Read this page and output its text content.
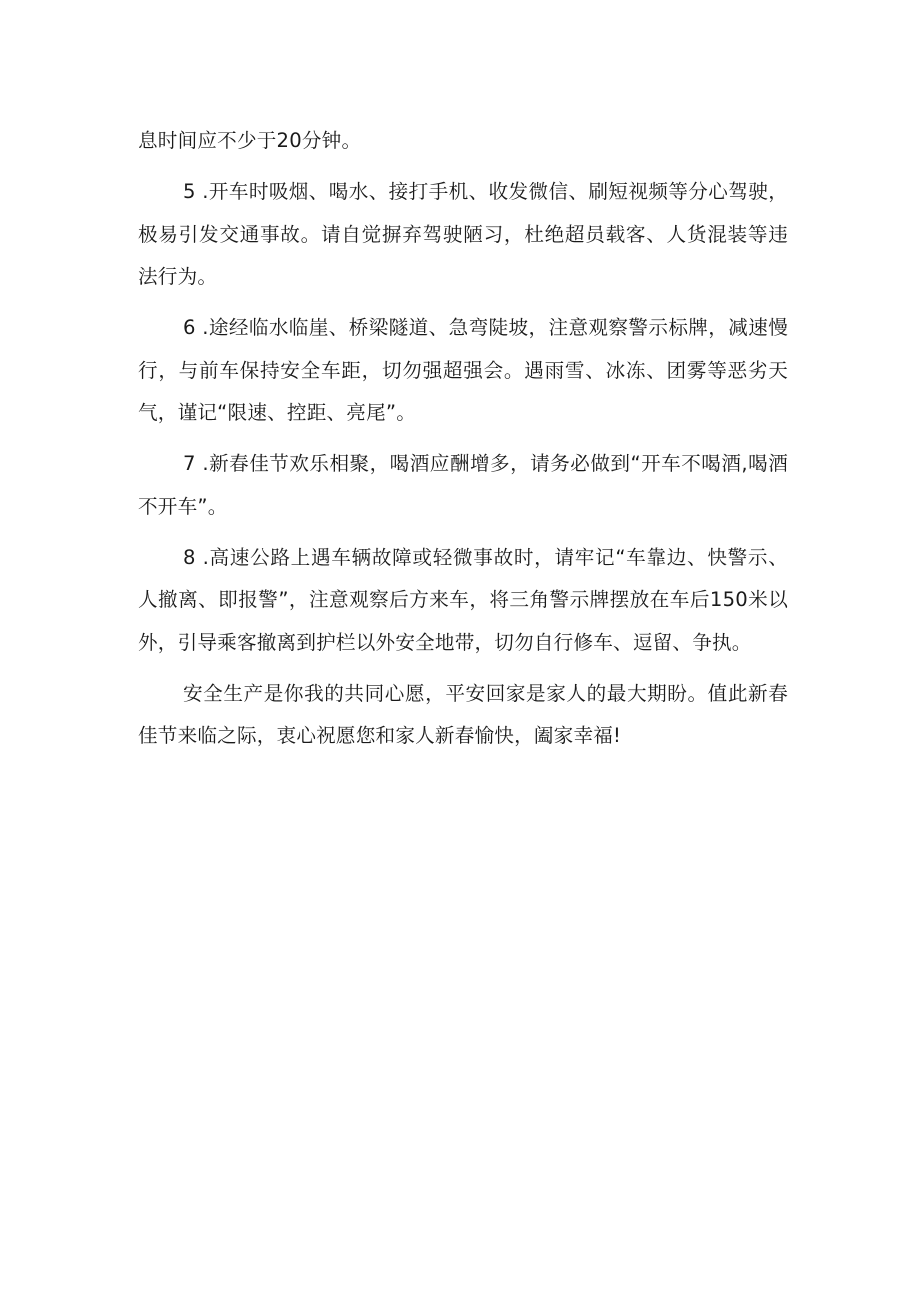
息时间应不少于20分钟。

5 .开车时吸烟、喝水、接打手机、收发微信、刷短视频等分心驾驶，极易引发交通事故。请自觉摒弃驾驶陋习，杜绝超员载客、人货混装等违法行为。

6 .途经临水临崖、桥梁隧道、急弯陡坡，注意观察警示标牌，减速慢行，与前车保持安全车距，切勿强超强会。遇雨雪、冰冻、团雾等恶劣天气，谨记“限速、控距、亮尾”。

7 .新春佳节欢乐相聚，喝酒应酬增多，请务必做到“开车不喝酒,喝酒不开车”。

8 .高速公路上遇车辆故障或轻微事故时，请牢记“车靠边、快警示、人撤离、即报警”，注意观察后方来车，将三角警示牌摆放在车后150米以外，引导乘客撤离到护栏以外安全地带，切勿自行修车、逗留、争执。

安全生产是你我的共同心愿，平安回家是家人的最大期盼。值此新春佳节来临之际，衷心祝愿您和家人新春愉快，阖家幸福!
